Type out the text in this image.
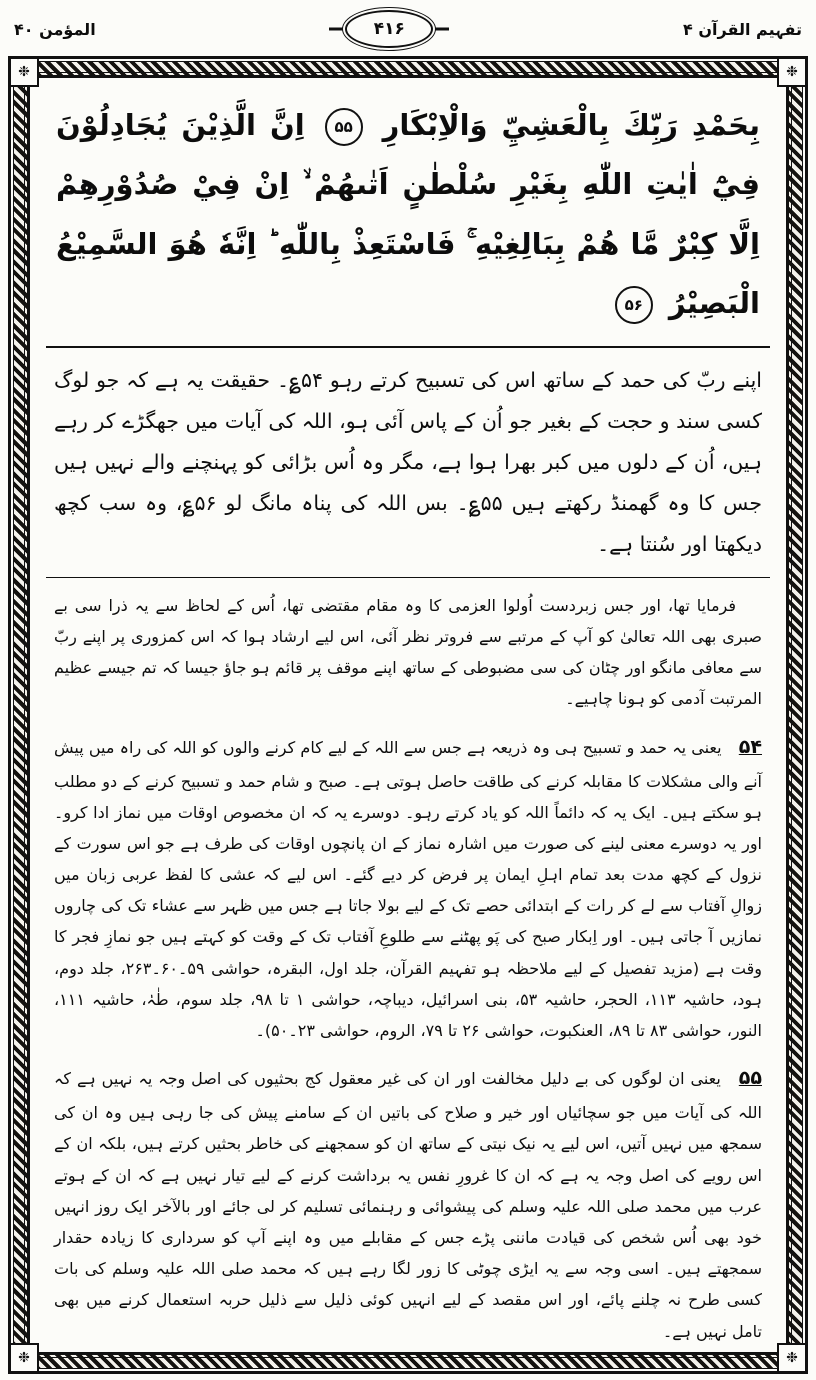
تفہیم القرآن ۴
۴۱۶
المؤمن ۴۰
❉	❉
❉	❉

بِحَمْدِ رَبِّكَ بِالْعَشِيِّ وَالْاِبْكَارِ ۵۵ اِنَّ الَّذِيْنَ يُجَادِلُوْنَ فِيْٓ اٰيٰتِ اللّٰهِ بِغَيْرِ سُلْطٰنٍ اَتٰىهُمْ ۙ اِنْ فِيْ صُدُوْرِهِمْ اِلَّا كِبْرٌ مَّا هُمْ بِبَالِغِيْهِ ۚ فَاسْتَعِذْ بِاللّٰهِ ؕ اِنَّهٗ هُوَ السَّمِيْعُ الْبَصِيْرُ ۵۶

اپنے ربّ کی حمد کے ساتھ اس کی تسبیح کرتے رہو ۵۴؏۔ حقیقت یہ ہے کہ جو لوگ کسی سند و حجت کے بغیر جو اُن کے پاس آئی ہو، اللہ کی آیات میں جھگڑے کر رہے ہیں، اُن کے دلوں میں کبر بھرا ہوا ہے، مگر وہ اُس بڑائی کو پہنچنے والے نہیں ہیں جس کا وہ گھمنڈ رکھتے ہیں ۵۵؏۔ بس اللہ کی پناہ مانگ لو ۵۶؏، وہ سب کچھ دیکھتا اور سُنتا ہے۔

فرمایا تھا، اور جس زبردست اُولوا العزمی کا وہ مقام مقتضی تھا، اُس کے لحاظ سے یہ ذرا سی بے صبری بھی اللہ تعالیٰ کو آپ کے مرتبے سے فروتر نظر آئی، اس لیے ارشاد ہوا کہ اس کمزوری پر اپنے ربّ سے معافی مانگو اور چٹان کی سی مضبوطی کے ساتھ اپنے موقف پر قائم ہو جاؤ جیسا کہ تم جیسے عظیم المرتبت آدمی کو ہونا چاہیے۔

۵۴ یعنی یہ حمد و تسبیح ہی وہ ذریعہ ہے جس سے اللہ کے لیے کام کرنے والوں کو اللہ کی راہ میں پیش آنے والی مشکلات کا مقابلہ کرنے کی طاقت حاصل ہوتی ہے۔ صبح و شام حمد و تسبیح کرنے کے دو مطلب ہو سکتے ہیں۔ ایک یہ کہ دائماً اللہ کو یاد کرتے رہو۔ دوسرے یہ کہ ان مخصوص اوقات میں نماز ادا کرو۔ اور یہ دوسرے معنی لینے کی صورت میں اشارہ نماز کے ان پانچوں اوقات کی طرف ہے جو اس سورت کے نزول کے کچھ مدت بعد تمام اہلِ ایمان پر فرض کر دیے گئے۔ اس لیے کہ عشی کا لفظ عربی زبان میں زوالِ آفتاب سے لے کر رات کے ابتدائی حصے تک کے لیے بولا جاتا ہے جس میں ظہر سے عشاء تک کی چاروں نمازیں آ جاتی ہیں۔ اور اِبکار صبح کی پَو پھٹنے سے طلوعِ آفتاب تک کے وقت کو کہتے ہیں جو نمازِ فجر کا وقت ہے (مزید تفصیل کے لیے ملاحظہ ہو تفہیم القرآن، جلد اول، البقرہ، حواشی ۵۹۔۶۰۔۲۶۳، جلد دوم، ہود، حاشیہ ۱۱۳، الحجر، حاشیہ ۵۳، بنی اسرائیل، دیباچہ، حواشی ۱ تا ۹۸، جلد سوم، طٰہٰ، حاشیہ ۱۱۱، النور، حواشی ۸۳ تا ۸۹، العنکبوت، حواشی ۲۶ تا ۷۹، الروم، حواشی ۲۳۔۵۰)۔

۵۵ یعنی ان لوگوں کی بے دلیل مخالفت اور ان کی غیر معقول کج بحثیوں کی اصل وجہ یہ نہیں ہے کہ اللہ کی آیات میں جو سچائیاں اور خیر و صلاح کی باتیں ان کے سامنے پیش کی جا رہی ہیں وہ ان کی سمجھ میں نہیں آتیں، اس لیے یہ نیک نیتی کے ساتھ ان کو سمجھنے کی خاطر بحثیں کرتے ہیں، بلکہ ان کے اس رویے کی اصل وجہ یہ ہے کہ ان کا غرورِ نفس یہ برداشت کرنے کے لیے تیار نہیں ہے کہ ان کے ہوتے عرب میں محمد صلی اللہ علیہ وسلم کی پیشوائی و رہنمائی تسلیم کر لی جائے اور بالآخر ایک روز انہیں خود بھی اُس شخص کی قیادت ماننی پڑے جس کے مقابلے میں وہ اپنے آپ کو سرداری کا زیادہ حقدار سمجھتے ہیں۔ اسی وجہ سے یہ ایڑی چوٹی کا زور لگا رہے ہیں کہ محمد صلی اللہ علیہ وسلم کی بات کسی طرح نہ چلنے پائے، اور اس مقصد کے لیے انہیں کوئی ذلیل سے ذلیل حربہ استعمال کرنے میں بھی تامل نہیں ہے۔
